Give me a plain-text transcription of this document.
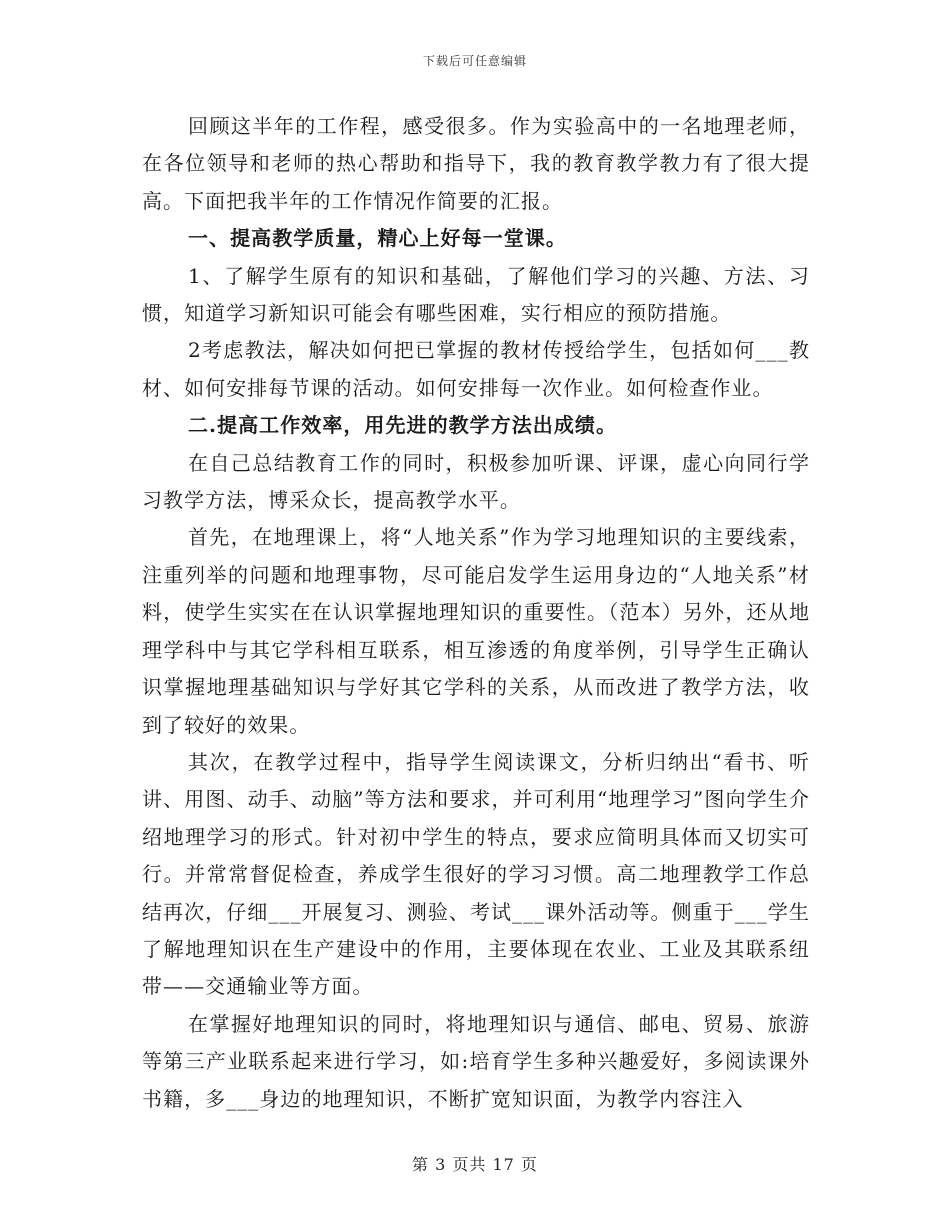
下载后可任意编辑

回顾这半年的工作程，感受很多。作为实验高中的一名地理老师，在各位领导和老师的热心帮助和指导下，我的教育教学教力有了很大提高。下面把我半年的工作情况作简要的汇报。

一、提高教学质量，精心上好每一堂课。

1、了解学生原有的知识和基础，了解他们学习的兴趣、方法、习惯，知道学习新知识可能会有哪些困难，实行相应的预防措施。

2考虑教法，解决如何把已掌握的教材传授给学生，包括如何___教材、如何安排每节课的活动。如何安排每一次作业。如何检查作业。

二.提高工作效率，用先进的教学方法出成绩。

在自己总结教育工作的同时，积极参加听课、评课，虚心向同行学习教学方法，博采众长，提高教学水平。

首先，在地理课上，将“人地关系”作为学习地理知识的主要线索，注重列举的问题和地理事物，尽可能启发学生运用身边的“人地关系”材料，使学生实实在在认识掌握地理知识的重要性。（范本）另外，还从地理学科中与其它学科相互联系，相互渗透的角度举例，引导学生正确认识掌握地理基础知识与学好其它学科的关系，从而改进了教学方法，收到了较好的效果。

其次，在教学过程中，指导学生阅读课文，分析归纳出“看书、听讲、用图、动手、动脑”等方法和要求，并可利用“地理学习”图向学生介绍地理学习的形式。针对初中学生的特点，要求应简明具体而又切实可行。并常常督促检查，养成学生很好的学习习惯。高二地理教学工作总结再次，仔细___开展复习、测验、考试___课外活动等。侧重于___学生了解地理知识在生产建设中的作用，主要体现在农业、工业及其联系纽带——交通输业等方面。

在掌握好地理知识的同时，将地理知识与通信、邮电、贸易、旅游等第三产业联系起来进行学习，如:培育学生多种兴趣爱好，多阅读课外书籍，多___身边的地理知识，不断扩宽知识面，为教学内容注入

第 3 页共 17 页
